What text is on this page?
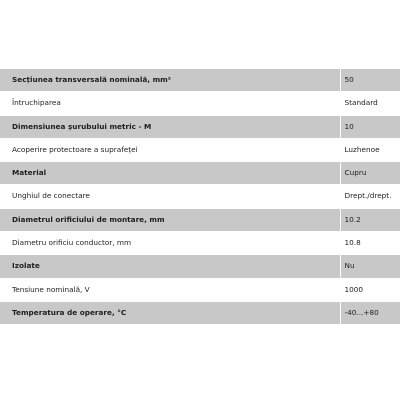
Secțiunea transversală nominală, mm²	50
Întruchiparea	Standard
Dimensiunea șurubului metric - M	10
Acoperire protectoare a suprafeței	Luzhenoe
Material	Cupru
Unghiul de conectare	Drept./drept.
Diametrul orificiului de montare, mm	10.2
Diametru orificiu conductor, mm	10.8
Izolate	Nu
Tensiune nominală, V	1000
Temperatura de operare, °C	-40...+80
